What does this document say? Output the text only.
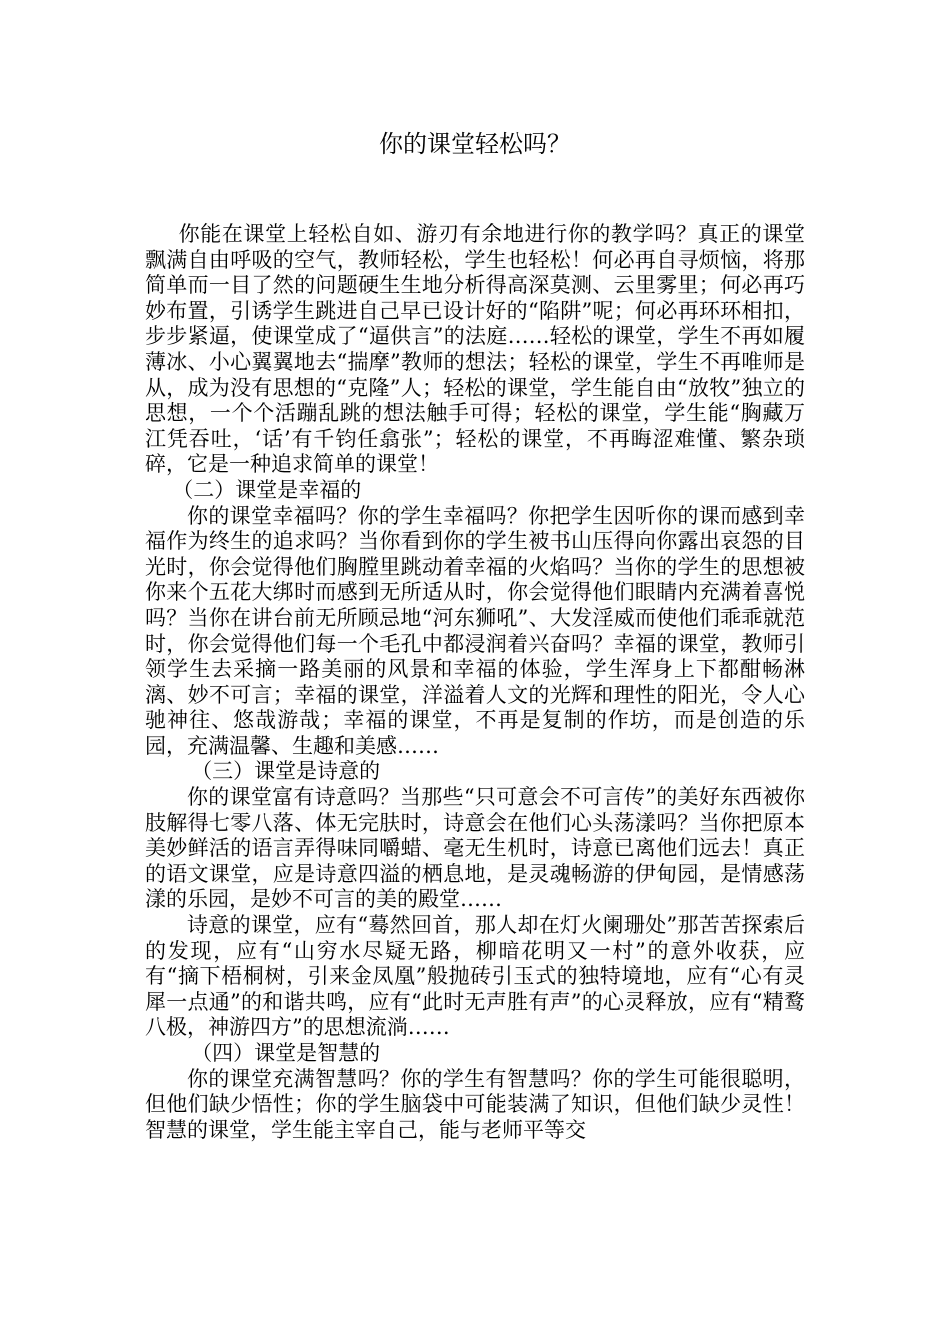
你的课堂轻松吗？

你能在课堂上轻松自如、游刃有余地进行你的教学吗？真正的课堂飘满自由呼吸的空气，教师轻松，学生也轻松！何必再自寻烦恼，将那简单而一目了然的问题硬生生地分析得高深莫测、云里雾里；何必再巧妙布置，引诱学生跳进自己早已设计好的“陷阱”呢；何必再环环相扣，步步紧逼，使课堂成了“逼供言”的法庭……轻松的课堂，学生不再如履薄冰、小心翼翼地去“揣摩”教师的想法；轻松的课堂，学生不再唯师是从，成为没有思想的“克隆”人；轻松的课堂，学生能自由“放牧”独立的思想，一个个活蹦乱跳的想法触手可得；轻松的课堂，学生能“胸藏万江凭吞吐，‘话’有千钧任翕张”；轻松的课堂，不再晦涩难懂、繁杂琐碎，它是一种追求简单的课堂！

（二）课堂是幸福的

你的课堂幸福吗？你的学生幸福吗？你把学生因听你的课而感到幸福作为终生的追求吗？当你看到你的学生被书山压得向你露出哀怨的目光时，你会觉得他们胸膛里跳动着幸福的火焰吗？当你的学生的思想被你来个五花大绑时而感到无所适从时，你会觉得他们眼睛内充满着喜悦吗？当你在讲台前无所顾忌地“河东狮吼”、大发淫威而使他们乖乖就范时，你会觉得他们每一个毛孔中都浸润着兴奋吗？幸福的课堂，教师引领学生去采摘一路美丽的风景和幸福的体验，学生浑身上下都酣畅淋漓、妙不可言；幸福的课堂，洋溢着人文的光辉和理性的阳光，令人心驰神往、悠哉游哉；幸福的课堂，不再是复制的作坊，而是创造的乐园，充满温馨、生趣和美感……

（三）课堂是诗意的

你的课堂富有诗意吗？当那些“只可意会不可言传”的美好东西被你肢解得七零八落、体无完肤时，诗意会在他们心头荡漾吗？当你把原本美妙鲜活的语言弄得味同嚼蜡、毫无生机时，诗意已离他们远去！真正的语文课堂，应是诗意四溢的栖息地，是灵魂畅游的伊甸园，是情感荡漾的乐园，是妙不可言的美的殿堂……

诗意的课堂，应有“蓦然回首，那人却在灯火阑珊处”那苦苦探索后的发现，应有“山穷水尽疑无路，柳暗花明又一村”的意外收获，应有“摘下梧桐树，引来金凤凰”般抛砖引玉式的独特境地，应有“心有灵犀一点通”的和谐共鸣，应有“此时无声胜有声”的心灵释放，应有“精鹜八极，神游四方”的思想流淌……

（四）课堂是智慧的

你的课堂充满智慧吗？你的学生有智慧吗？你的学生可能很聪明，但他们缺少悟性；你的学生脑袋中可能装满了知识，但他们缺少灵性！智慧的课堂，学生能主宰自己，能与老师平等交
